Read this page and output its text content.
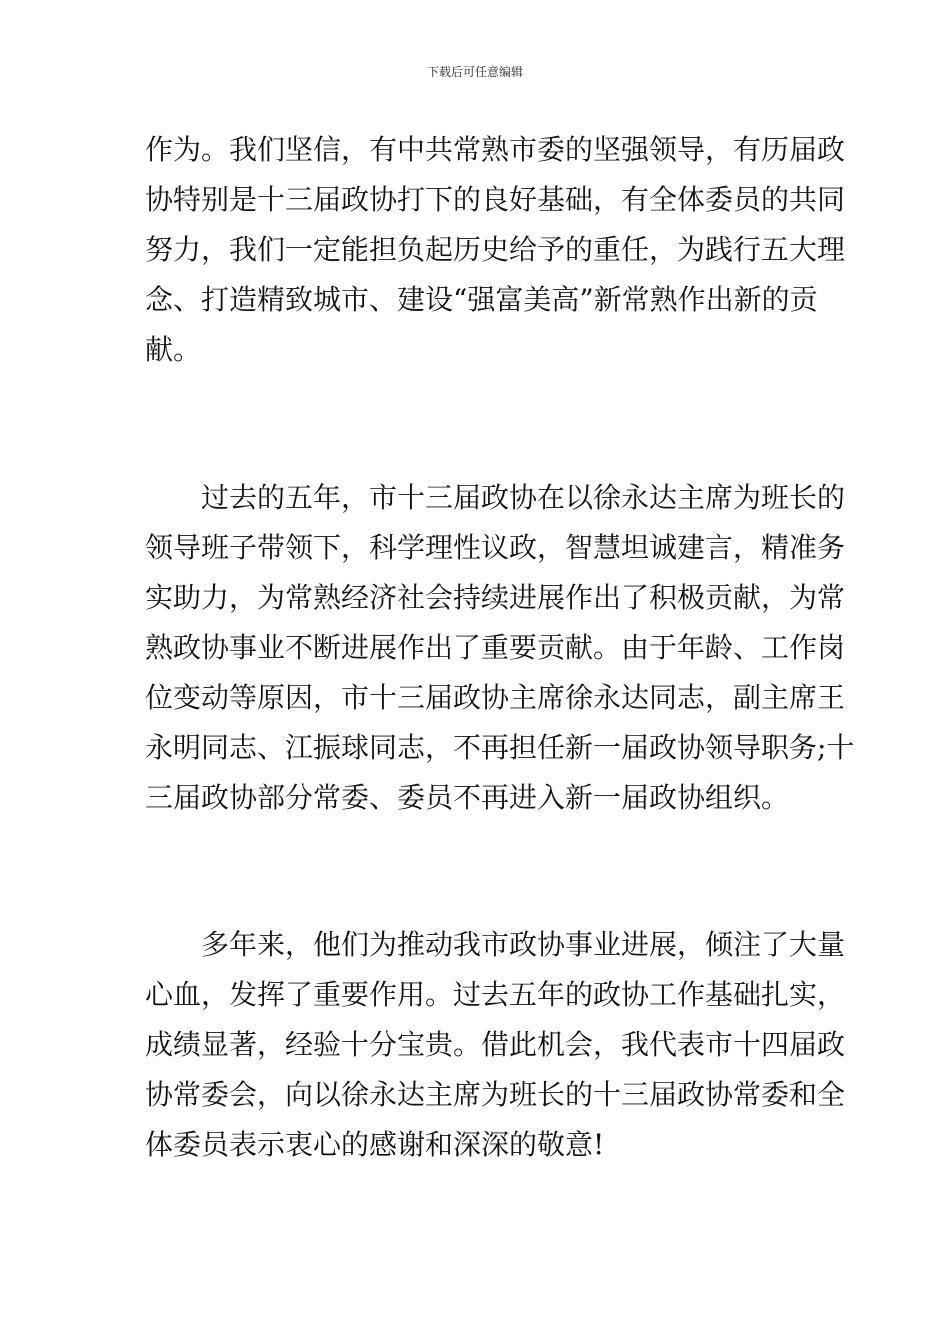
下载后可任意编辑

作为。我们坚信，有中共常熟市委的坚强领导，有历届政
协特别是十三届政协打下的良好基础，有全体委员的共同
努力，我们一定能担负起历史给予的重任，为践行五大理
念、打造精致城市、建设“强富美高”新常熟作出新的贡
献。

　　过去的五年，市十三届政协在以徐永达主席为班长的
领导班子带领下，科学理性议政，智慧坦诚建言，精准务
实助力，为常熟经济社会持续进展作出了积极贡献，为常
熟政协事业不断进展作出了重要贡献。由于年龄、工作岗
位变动等原因，市十三届政协主席徐永达同志，副主席王
永明同志、江振球同志，不再担任新一届政协领导职务;十
三届政协部分常委、委员不再进入新一届政协组织。

　　多年来，他们为推动我市政协事业进展，倾注了大量
心血，发挥了重要作用。过去五年的政协工作基础扎实，
成绩显著，经验十分宝贵。借此机会，我代表市十四届政
协常委会，向以徐永达主席为班长的十三届政协常委和全
体委员表示衷心的感谢和深深的敬意!
